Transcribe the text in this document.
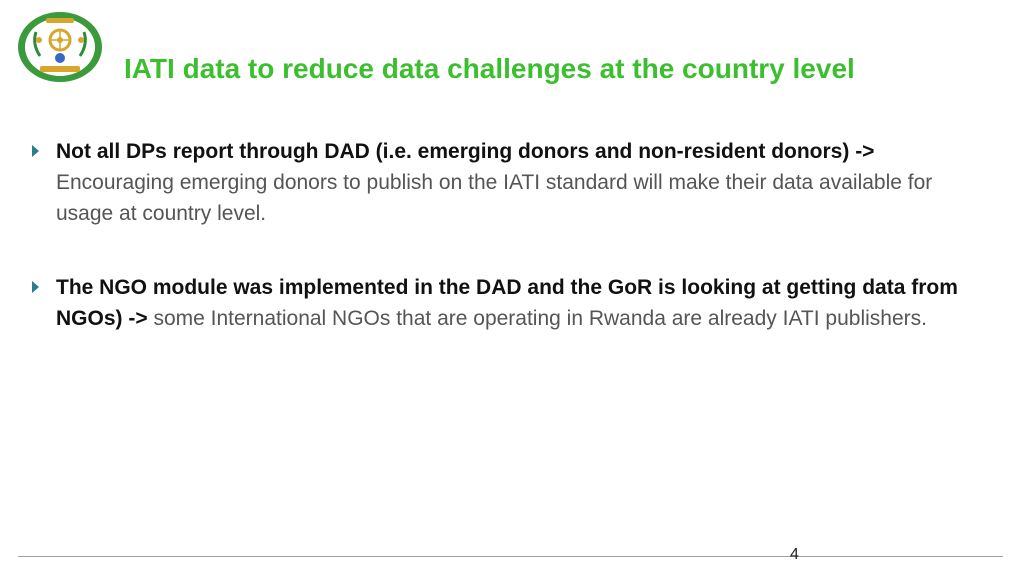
IATI data to reduce data challenges at the country level
Not all DPs report through DAD (i.e. emerging donors and non-resident donors) -> Encouraging emerging donors to publish on the IATI standard will make their data available for usage at country level.
The NGO module was implemented in the DAD and the GoR is looking at getting data from NGOs) -> some International NGOs that are operating in Rwanda are already IATI publishers.
4
